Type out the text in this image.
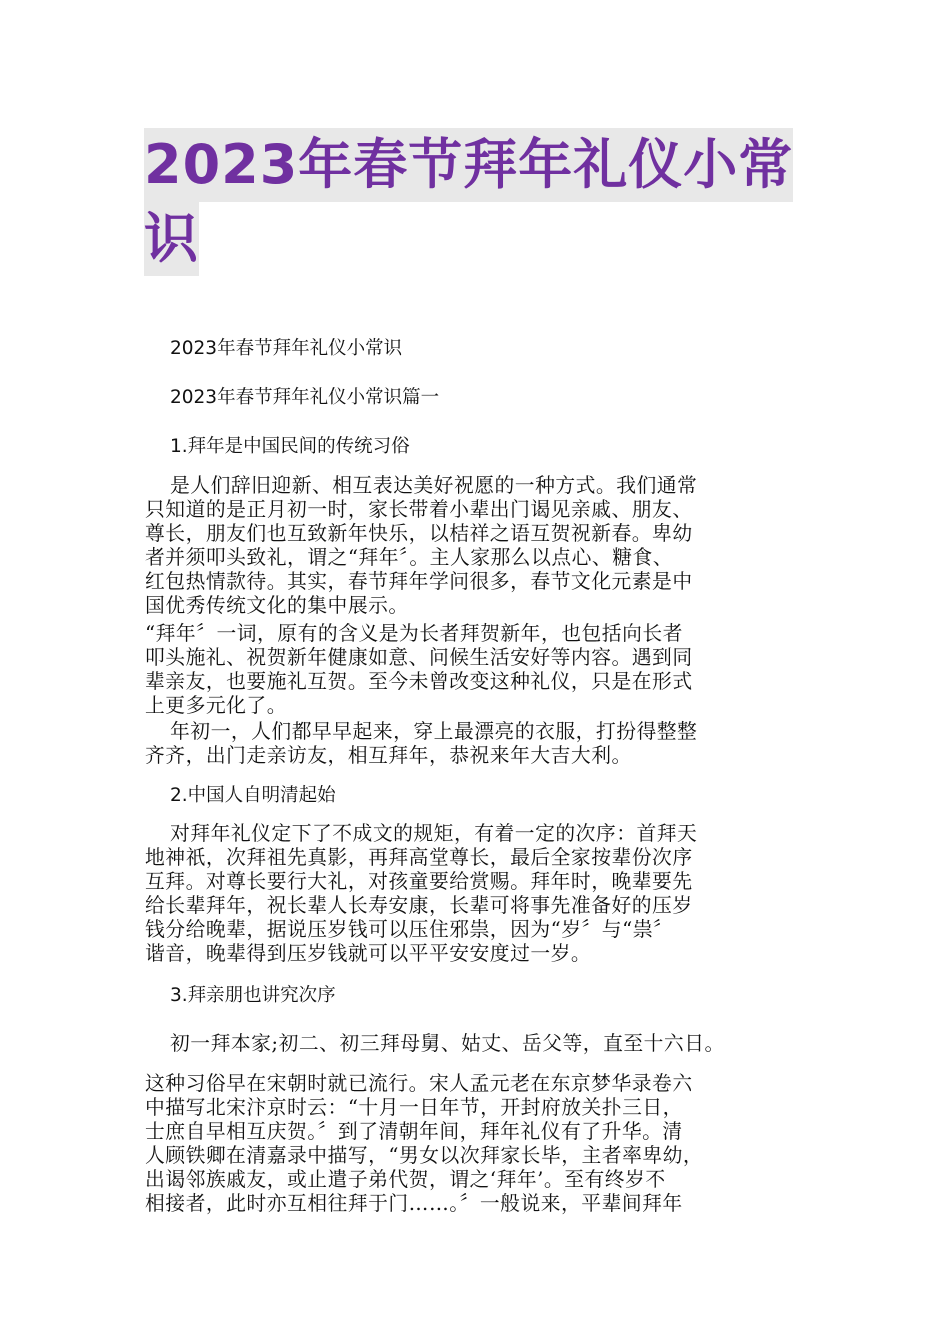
2023年春节拜年礼仪小常
识
2023年春节拜年礼仪小常识
2023年春节拜年礼仪小常识篇一
1.拜年是中国民间的传统习俗
是人们辞旧迎新、相互表达美好祝愿的一种方式。我们通常
只知道的是正月初一时，家长带着小辈出门谒见亲戚、朋友、
尊长，朋友们也互致新年快乐，以桔祥之语互贺祝新春。卑幼
者并须叩头致礼，谓之“拜年〞。主人家那么以点心、糖食、
红包热情款待。其实，春节拜年学问很多，春节文化元素是中
国优秀传统文化的集中展示。
“拜年〞一词，原有的含义是为长者拜贺新年，也包括向长者
叩头施礼、祝贺新年健康如意、问候生活安好等内容。遇到同
辈亲友，也要施礼互贺。至今未曾改变这种礼仪，只是在形式
上更多元化了。
年初一，人们都早早起来，穿上最漂亮的衣服，打扮得整整
齐齐，出门走亲访友，相互拜年，恭祝来年大吉大利。
2.中国人自明清起始
对拜年礼仪定下了不成文的规矩，有着一定的次序：首拜天
地神祇，次拜祖先真影，再拜高堂尊长，最后全家按辈份次序
互拜。对尊长要行大礼，对孩童要给赏赐。拜年时，晚辈要先
给长辈拜年，祝长辈人长寿安康，长辈可将事先准备好的压岁
钱分给晚辈，据说压岁钱可以压住邪祟，因为“岁〞与“祟〞
谐音，晚辈得到压岁钱就可以平平安安度过一岁。
3.拜亲朋也讲究次序
初一拜本家;初二、初三拜母舅、姑丈、岳父等，直至十六日。
这种习俗早在宋朝时就已流行。宋人孟元老在东京梦华录卷六
中描写北宋汴京时云：“十月一日年节，开封府放关扑三日，
士庶自早相互庆贺。〞到了清朝年间，拜年礼仪有了升华。清
人顾铁卿在清嘉录中描写，“男女以次拜家长毕，主者率卑幼，
出谒邻族戚友，或止遣子弟代贺，谓之‘拜年’。至有终岁不
相接者，此时亦互相往拜于门……。〞一般说来，平辈间拜年
